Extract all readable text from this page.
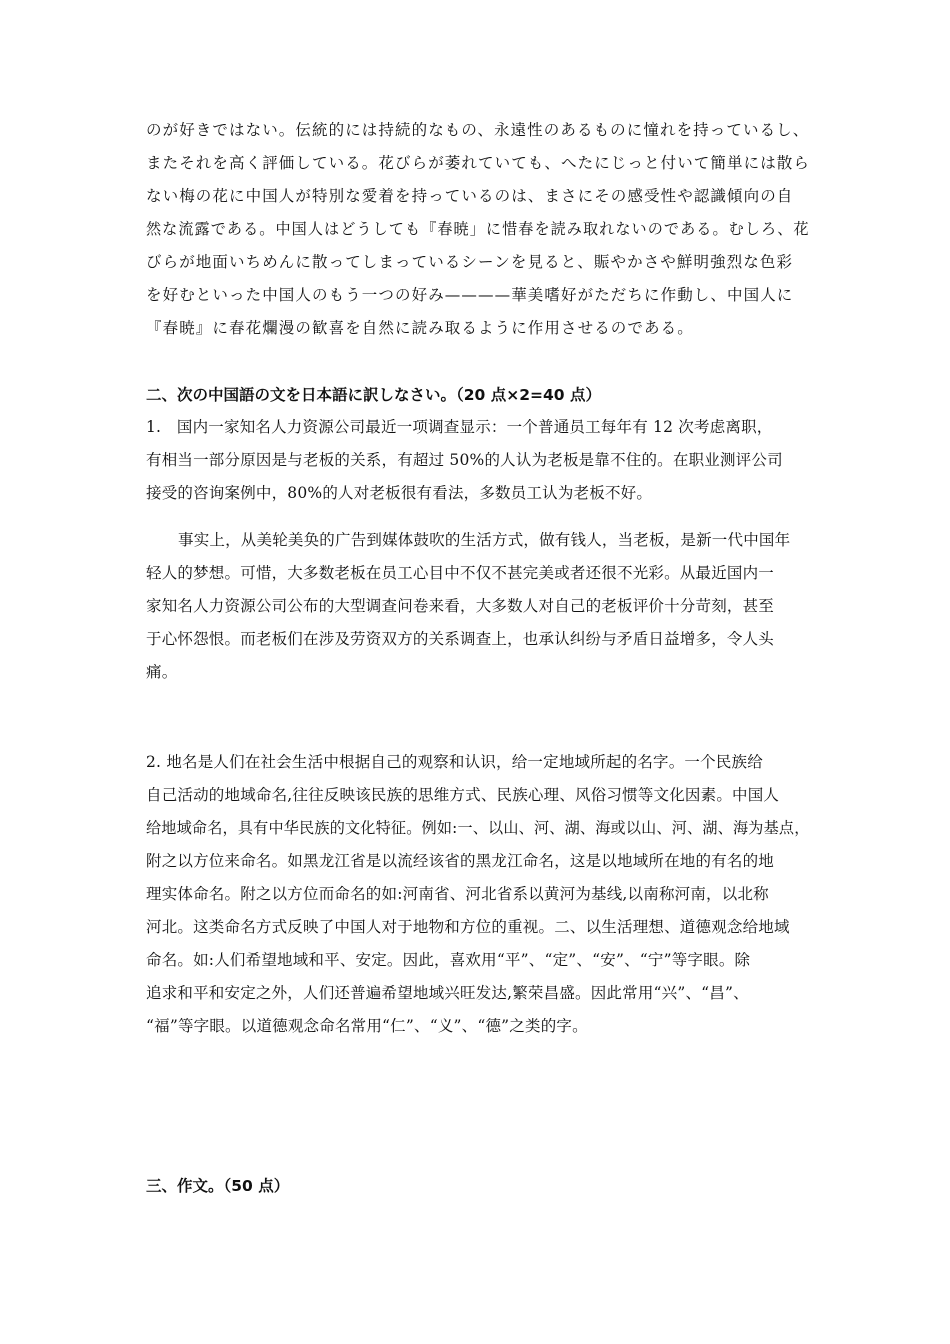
のが好きではない。伝統的には持続的なもの、永遠性のあるものに憧れを持っているし、
またそれを高く評価している。花びらが萎れていても、へたにじっと付いて簡単には散ら
ない梅の花に中国人が特別な愛着を持っているのは、まさにその感受性や認識傾向の自
然な流露である。中国人はどうしても『春暁」に惜春を読み取れないのである。むしろ、花
びらが地面いちめんに散ってしまっているシーンを見ると、賑やかさや鮮明強烈な色彩
を好むといった中国人のもう一つの好み————華美嗜好がただちに作動し、中国人に
『春暁』に春花爛漫の歓喜を自然に読み取るように作用させるのである。
二、次の中国語の文を日本語に訳しなさい。（20 点×2=40 点）
1.　国内一家知名人力资源公司最近一项调查显示：一个普通员工每年有 12 次考虑离职，
有相当一部分原因是与老板的关系，有超过 50%的人认为老板是靠不住的。在职业测评公司
接受的咨询案例中，80%的人对老板很有看法，多数员工认为老板不好。
事实上，从美轮美奂的广告到媒体鼓吹的生活方式，做有钱人，当老板，是新一代中国年
轻人的梦想。可惜，大多数老板在员工心目中不仅不甚完美或者还很不光彩。从最近国内一
家知名人力资源公司公布的大型调查问卷来看，大多数人对自己的老板评价十分苛刻，甚至
于心怀怨恨。而老板们在涉及劳资双方的关系调查上，也承认纠纷与矛盾日益增多，令人头
痛。
2. 地名是人们在社会生活中根据自己的观察和认识，给一定地域所起的名字。一个民族给
自己活动的地域命名,往往反映该民族的思维方式、民族心理、风俗习惯等文化因素。中国人
给地域命名，具有中华民族的文化特征。例如:一、以山、河、湖、海或以山、河、湖、海为基点，
附之以方位来命名。如黑龙江省是以流经该省的黑龙江命名，这是以地域所在地的有名的地
理实体命名。附之以方位而命名的如:河南省、河北省系以黄河为基线,以南称河南，以北称
河北。这类命名方式反映了中国人对于地物和方位的重视。二、以生活理想、道德观念给地域
命名。如:人们希望地域和平、安定。因此，喜欢用“平”、“定”、“安”、“宁”等字眼。除
追求和平和安定之外，人们还普遍希望地域兴旺发达,繁荣昌盛。因此常用“兴”、“昌”、
“福”等字眼。以道德观念命名常用“仁”、“义”、“德”之类的字。
三、作文。（50 点）
